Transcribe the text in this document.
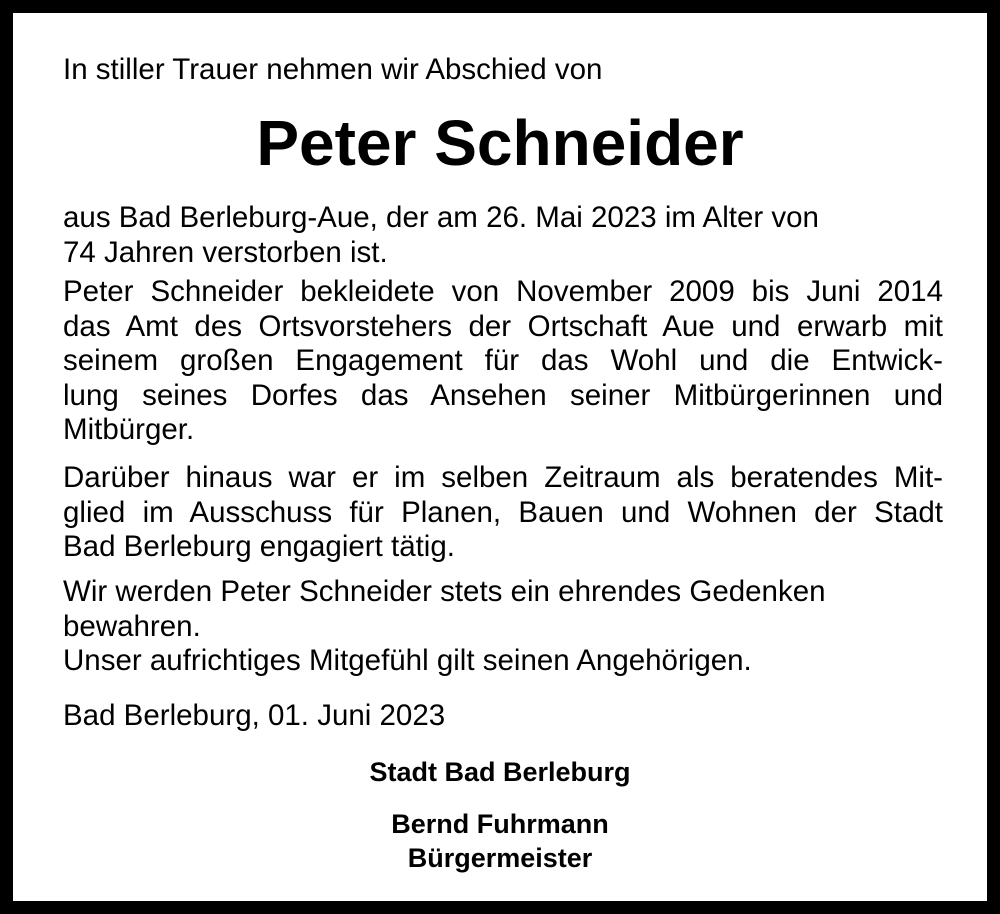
In stiller Trauer nehmen wir Abschied von

Peter Schneider
aus Bad Berleburg-Aue, der am 26. Mai 2023 im Alter von
74 Jahren verstorben ist.
Peter Schneider bekleidete von November 2009 bis Juni 2014
das Amt des Ortsvorstehers der Ortschaft Aue und erwarb mit
seinem großen Engagement für das Wohl und die Entwick-
lung seines Dorfes das Ansehen seiner Mitbürgerinnen und
Mitbürger.
Darüber hinaus war er im selben Zeitraum als beratendes Mit-
glied im Ausschuss für Planen, Bauen und Wohnen der Stadt
Bad Berleburg engagiert tätig.
Wir werden Peter Schneider stets ein ehrendes Gedenken
bewahren.
Unser aufrichtiges Mitgefühl gilt seinen Angehörigen.

Bad Berleburg, 01. Juni 2023

Stadt Bad Berleburg

Bernd Fuhrmann

Bürgermeister
